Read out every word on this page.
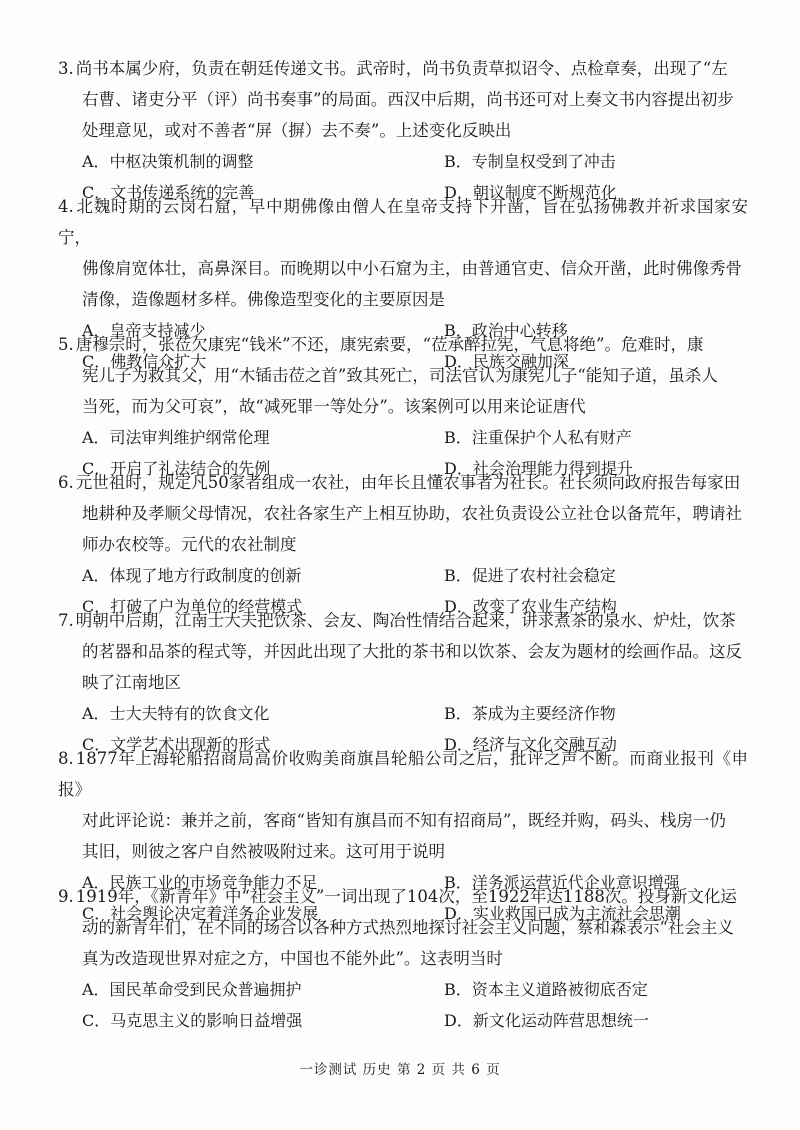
3. 尚书本属少府，负责在朝廷传递文书。武帝时，尚书负责草拟诏令、点检章奏，出现了“左
右曹、诸吏分平（评）尚书奏事”的局面。西汉中后期，尚书还可对上奏文书内容提出初步
处理意见，或对不善者“屏（摒）去不奏”。上述变化反映出

A．中枢决策机制的调整	B．专制皇权受到了冲击
C．文书传递系统的完善	D．朝议制度不断规范化

4. 北魏时期的云岗石窟，早中期佛像由僧人在皇帝支持下开凿，旨在弘扬佛教并祈求国家安宁，
佛像肩宽体壮，高鼻深目。而晚期以中小石窟为主，由普通官吏、信众开凿，此时佛像秀骨
清像，造像题材多样。佛像造型变化的主要原因是

A．皇帝支持减少	B．政治中心转移
C．佛教信众扩大	D．民族交融加深

5. 唐穆宗时，张莅欠康宪“钱米”不还，康宪索要，“莅承醉拉宪，气息将绝”。危难时，康
宪儿子为救其父，用“木锸击莅之首”致其死亡，司法官认为康宪儿子“能知子道，虽杀人
当死，而为父可哀”，故“减死罪一等处分”。该案例可以用来论证唐代

A．司法审判维护纲常伦理	B．注重保护个人私有财产
C．开启了礼法结合的先例	D．社会治理能力得到提升

6. 元世祖时，规定凡50家者组成一农社，由年长且懂农事者为社长。社长须向政府报告每家田
地耕种及孝顺父母情况，农社各家生产上相互协助，农社负责设公立社仓以备荒年，聘请社
师办农校等。元代的农社制度

A．体现了地方行政制度的创新	B．促进了农村社会稳定
C．打破了户为单位的经营模式	D．改变了农业生产结构

7. 明朝中后期，江南士大夫把饮茶、会友、陶冶性情结合起来，讲求煮茶的泉水、炉灶，饮茶
的茗器和品茶的程式等，并因此出现了大批的茶书和以饮茶、会友为题材的绘画作品。这反
映了江南地区

A．士大夫特有的饮食文化	B．茶成为主要经济作物
C．文学艺术出现新的形式	D．经济与文化交融互动

8. 1877年上海轮船招商局高价收购美商旗昌轮船公司之后，批评之声不断。而商业报刊《申报》
对此评论说：兼并之前，客商“皆知有旗昌而不知有招商局”，既经并购，码头、栈房一仍
其旧，则彼之客户自然被吸附过来。这可用于说明

A．民族工业的市场竞争能力不足	B．洋务派运营近代企业意识增强
C．社会舆论决定着洋务企业发展	D．实业救国已成为主流社会思潮

9. 1919年，《新青年》中“社会主义”一词出现了104次，至1922年达1188次。投身新文化运
动的新青年们，在不同的场合以各种方式热烈地探讨社会主义问题，蔡和森表示“社会主义
真为改造现世界对症之方，中国也不能外此”。这表明当时

A．国民革命受到民众普遍拥护	B．资本主义道路被彻底否定
C．马克思主义的影响日益增强	D．新文化运动阵营思想统一
一诊测试 历史 第 2 页 共 6 页
